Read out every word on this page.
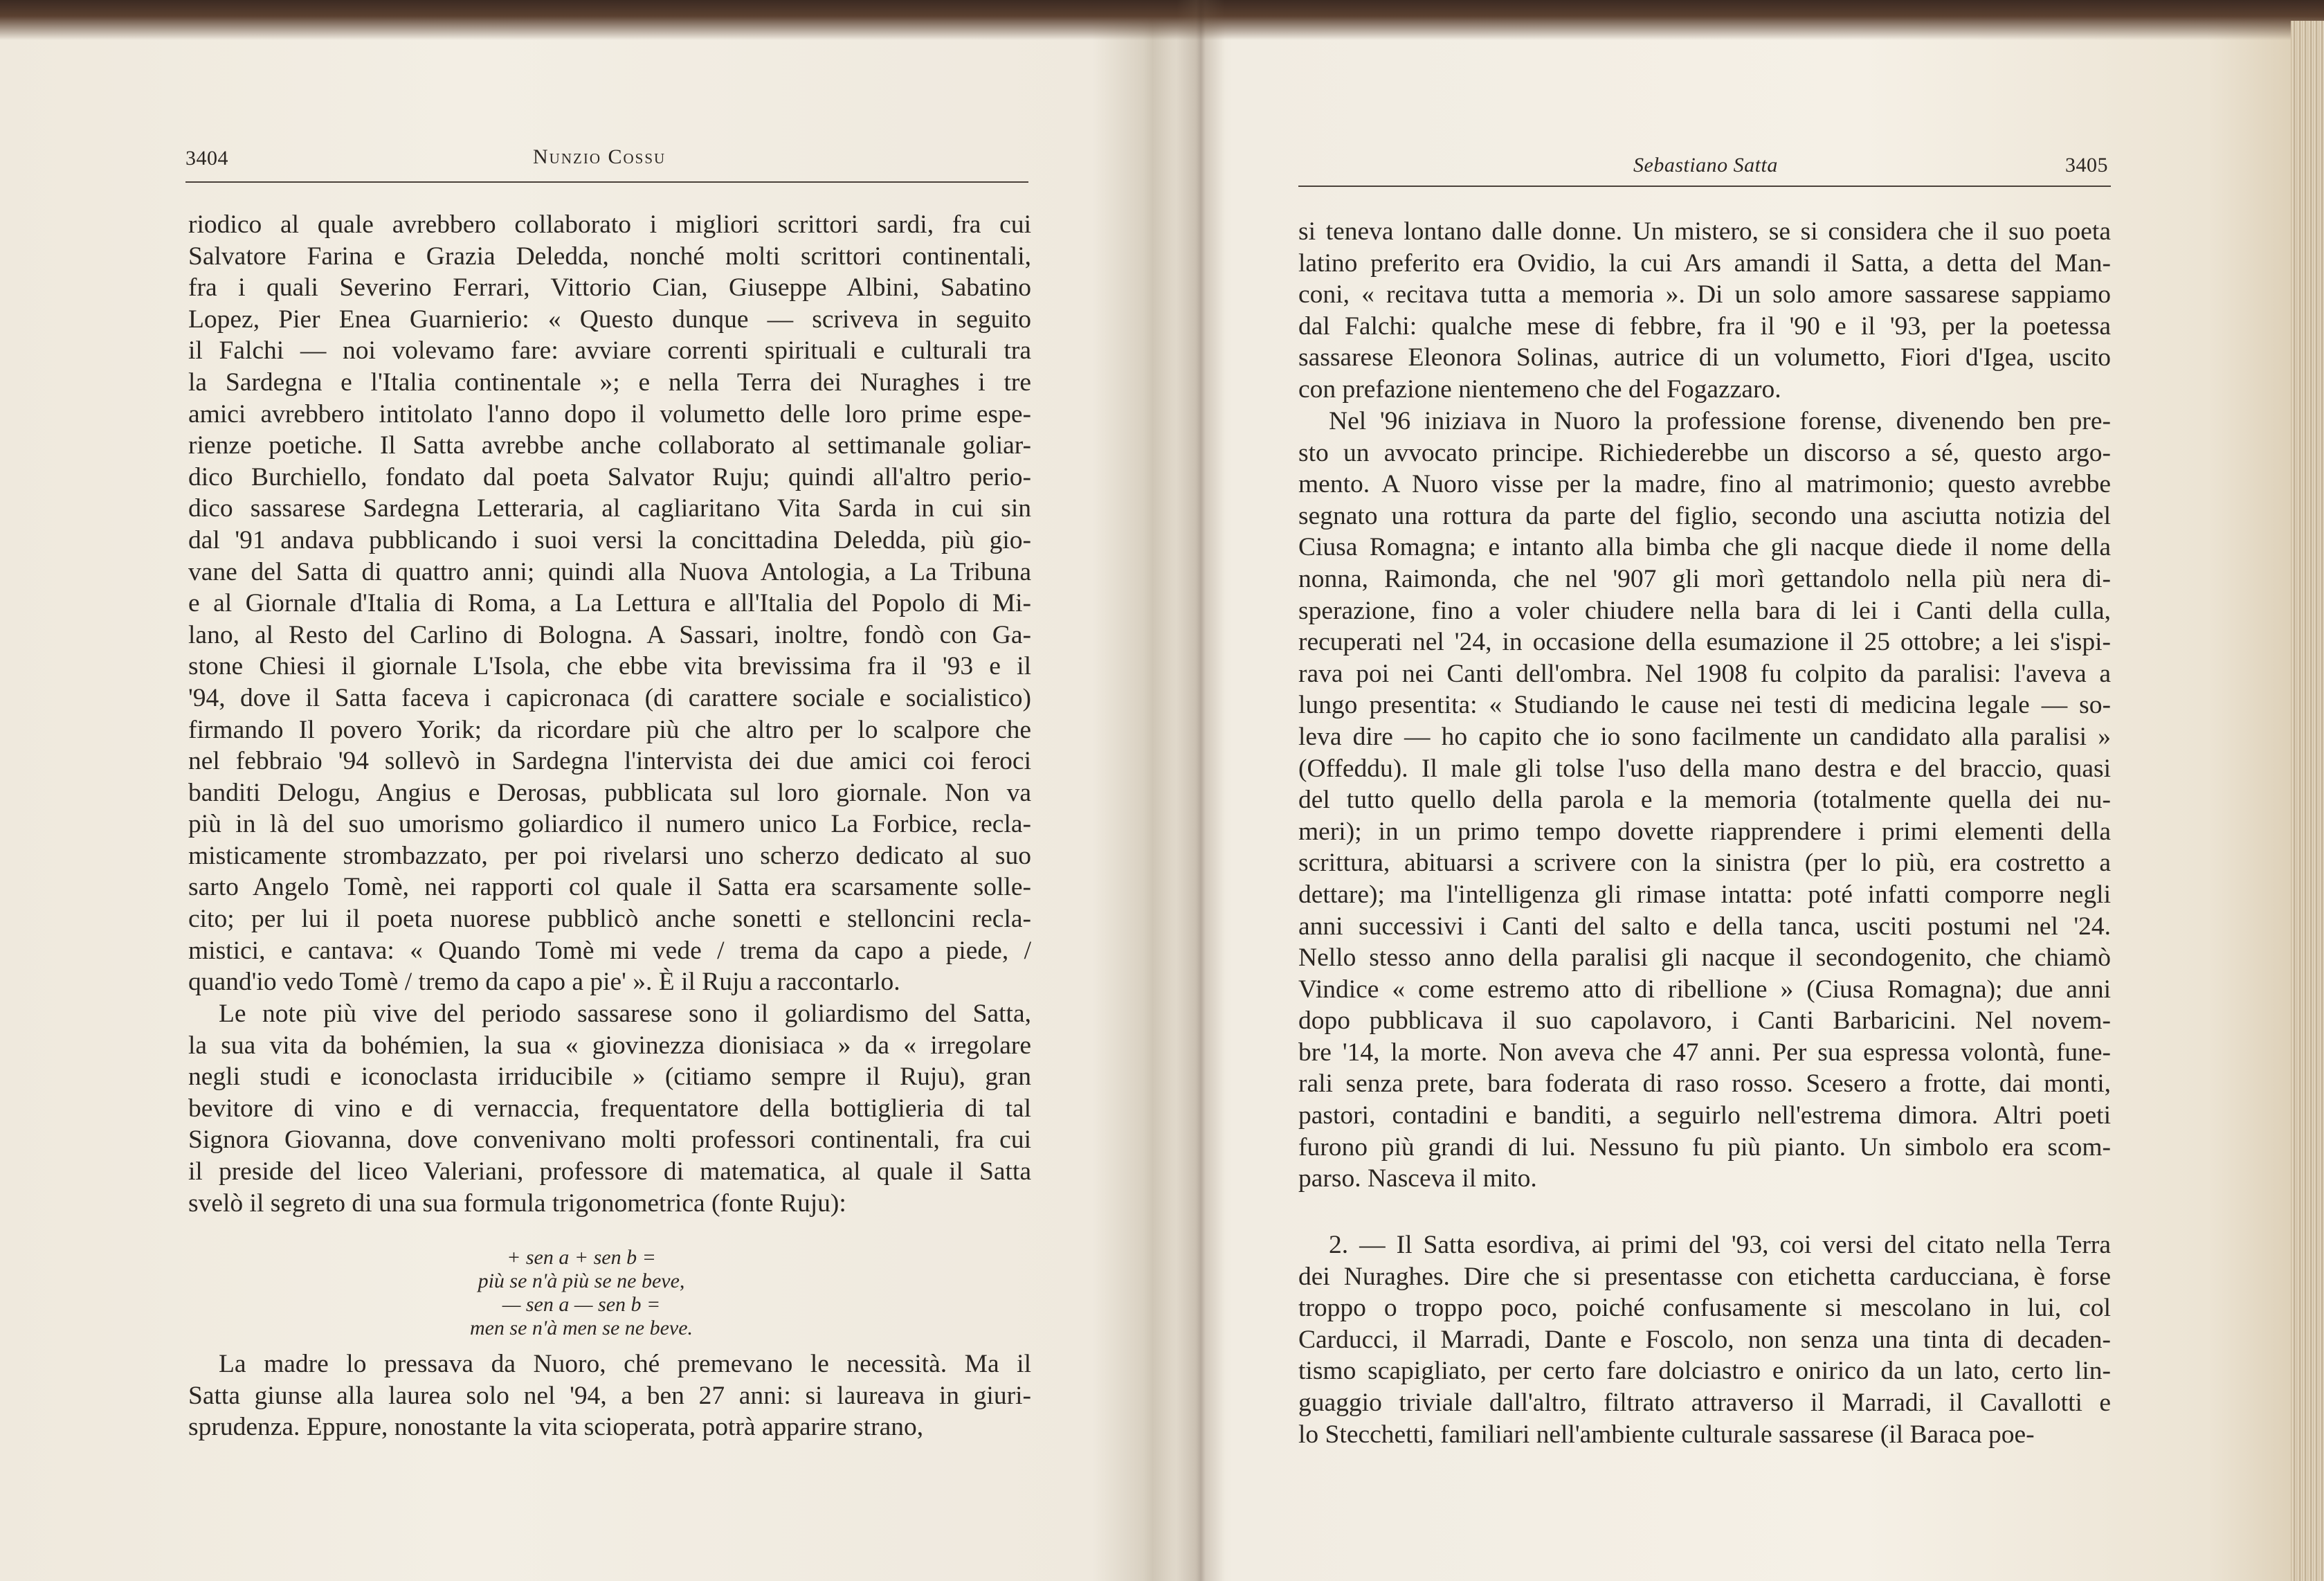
3404	Nunzio Cossu
riodico al quale avrebbero collaborato i migliori scrittori sardi, fra cui
Salvatore Farina e Grazia Deledda, nonché molti scrittori continentali,
fra i quali Severino Ferrari, Vittorio Cian, Giuseppe Albini, Sabatino
Lopez, Pier Enea Guarnierio: « Questo dunque — scriveva in seguito
il Falchi — noi volevamo fare: avviare correnti spirituali e culturali tra
la Sardegna e l'Italia continentale »; e nella Terra dei Nuraghes i tre
amici avrebbero intitolato l'anno dopo il volumetto delle loro prime espe-
rienze poetiche. Il Satta avrebbe anche collaborato al settimanale goliar-
dico Burchiello, fondato dal poeta Salvator Ruju; quindi all'altro perio-
dico sassarese Sardegna Letteraria, al cagliaritano Vita Sarda in cui sin
dal '91 andava pubblicando i suoi versi la concittadina Deledda, più gio-
vane del Satta di quattro anni; quindi alla Nuova Antologia, a La Tribuna
e al Giornale d'Italia di Roma, a La Lettura e all'Italia del Popolo di Mi-
lano, al Resto del Carlino di Bologna. A Sassari, inoltre, fondò con Ga-
stone Chiesi il giornale L'Isola, che ebbe vita brevissima fra il '93 e il
'94, dove il Satta faceva i capicronaca (di carattere sociale e socialistico)
firmando Il povero Yorik; da ricordare più che altro per lo scalpore che
nel febbraio '94 sollevò in Sardegna l'intervista dei due amici coi feroci
banditi Delogu, Angius e Derosas, pubblicata sul loro giornale. Non va
più in là del suo umorismo goliardico il numero unico La Forbice, recla-
misticamente strombazzato, per poi rivelarsi uno scherzo dedicato al suo
sarto Angelo Tomè, nei rapporti col quale il Satta era scarsamente solle-
cito; per lui il poeta nuorese pubblicò anche sonetti e stelloncini recla-
mistici, e cantava: « Quando Tomè mi vede / trema da capo a piede, /
quand'io vedo Tomè / tremo da capo a pie' ». È il Ruju a raccontarlo.
Le note più vive del periodo sassarese sono il goliardismo del Satta,
la sua vita da bohémien, la sua « giovinezza dionisiaca » da « irregolare
negli studi e iconoclasta irriducibile » (citiamo sempre il Ruju), gran
bevitore di vino e di vernaccia, frequentatore della bottiglieria di tal
Signora Giovanna, dove convenivano molti professori continentali, fra cui
il preside del liceo Valeriani, professore di matematica, al quale il Satta
svelò il segreto di una sua formula trigonometrica (fonte Ruju):
+ sen a + sen b =
più se n'à più se ne beve,
— sen a — sen b =
men se n'à men se ne beve.
La madre lo pressava da Nuoro, ché premevano le necessità. Ma il
Satta giunse alla laurea solo nel '94, a ben 27 anni: si laureava in giuri-
sprudenza. Eppure, nonostante la vita scioperata, potrà apparire strano,
Sebastiano Satta	3405
si teneva lontano dalle donne. Un mistero, se si considera che il suo poeta
latino preferito era Ovidio, la cui Ars amandi il Satta, a detta del Man-
coni, « recitava tutta a memoria ». Di un solo amore sassarese sappiamo
dal Falchi: qualche mese di febbre, fra il '90 e il '93, per la poetessa
sassarese Eleonora Solinas, autrice di un volumetto, Fiori d'Igea, uscito
con prefazione nientemeno che del Fogazzaro.
Nel '96 iniziava in Nuoro la professione forense, divenendo ben pre-
sto un avvocato principe. Richiederebbe un discorso a sé, questo argo-
mento. A Nuoro visse per la madre, fino al matrimonio; questo avrebbe
segnato una rottura da parte del figlio, secondo una asciutta notizia del
Ciusa Romagna; e intanto alla bimba che gli nacque diede il nome della
nonna, Raimonda, che nel '907 gli morì gettandolo nella più nera di-
sperazione, fino a voler chiudere nella bara di lei i Canti della culla,
recuperati nel '24, in occasione della esumazione il 25 ottobre; a lei s'ispi-
rava poi nei Canti dell'ombra. Nel 1908 fu colpito da paralisi: l'aveva a
lungo presentita: « Studiando le cause nei testi di medicina legale — so-
leva dire — ho capito che io sono facilmente un candidato alla paralisi »
(Offeddu). Il male gli tolse l'uso della mano destra e del braccio, quasi
del tutto quello della parola e la memoria (totalmente quella dei nu-
meri); in un primo tempo dovette riapprendere i primi elementi della
scrittura, abituarsi a scrivere con la sinistra (per lo più, era costretto a
dettare); ma l'intelligenza gli rimase intatta: poté infatti comporre negli
anni successivi i Canti del salto e della tanca, usciti postumi nel '24.
Nello stesso anno della paralisi gli nacque il secondogenito, che chiamò
Vindice « come estremo atto di ribellione » (Ciusa Romagna); due anni
dopo pubblicava il suo capolavoro, i Canti Barbaricini. Nel novem-
bre '14, la morte. Non aveva che 47 anni. Per sua espressa volontà, fune-
rali senza prete, bara foderata di raso rosso. Scesero a frotte, dai monti,
pastori, contadini e banditi, a seguirlo nell'estrema dimora. Altri poeti
furono più grandi di lui. Nessuno fu più pianto. Un simbolo era scom-
parso. Nasceva il mito.
2. — Il Satta esordiva, ai primi del '93, coi versi del citato nella Terra
dei Nuraghes. Dire che si presentasse con etichetta carducciana, è forse
troppo o troppo poco, poiché confusamente si mescolano in lui, col
Carducci, il Marradi, Dante e Foscolo, non senza una tinta di decaden-
tismo scapigliato, per certo fare dolciastro e onirico da un lato, certo lin-
guaggio triviale dall'altro, filtrato attraverso il Marradi, il Cavallotti e
lo Stecchetti, familiari nell'ambiente culturale sassarese (il Baraca poe-
